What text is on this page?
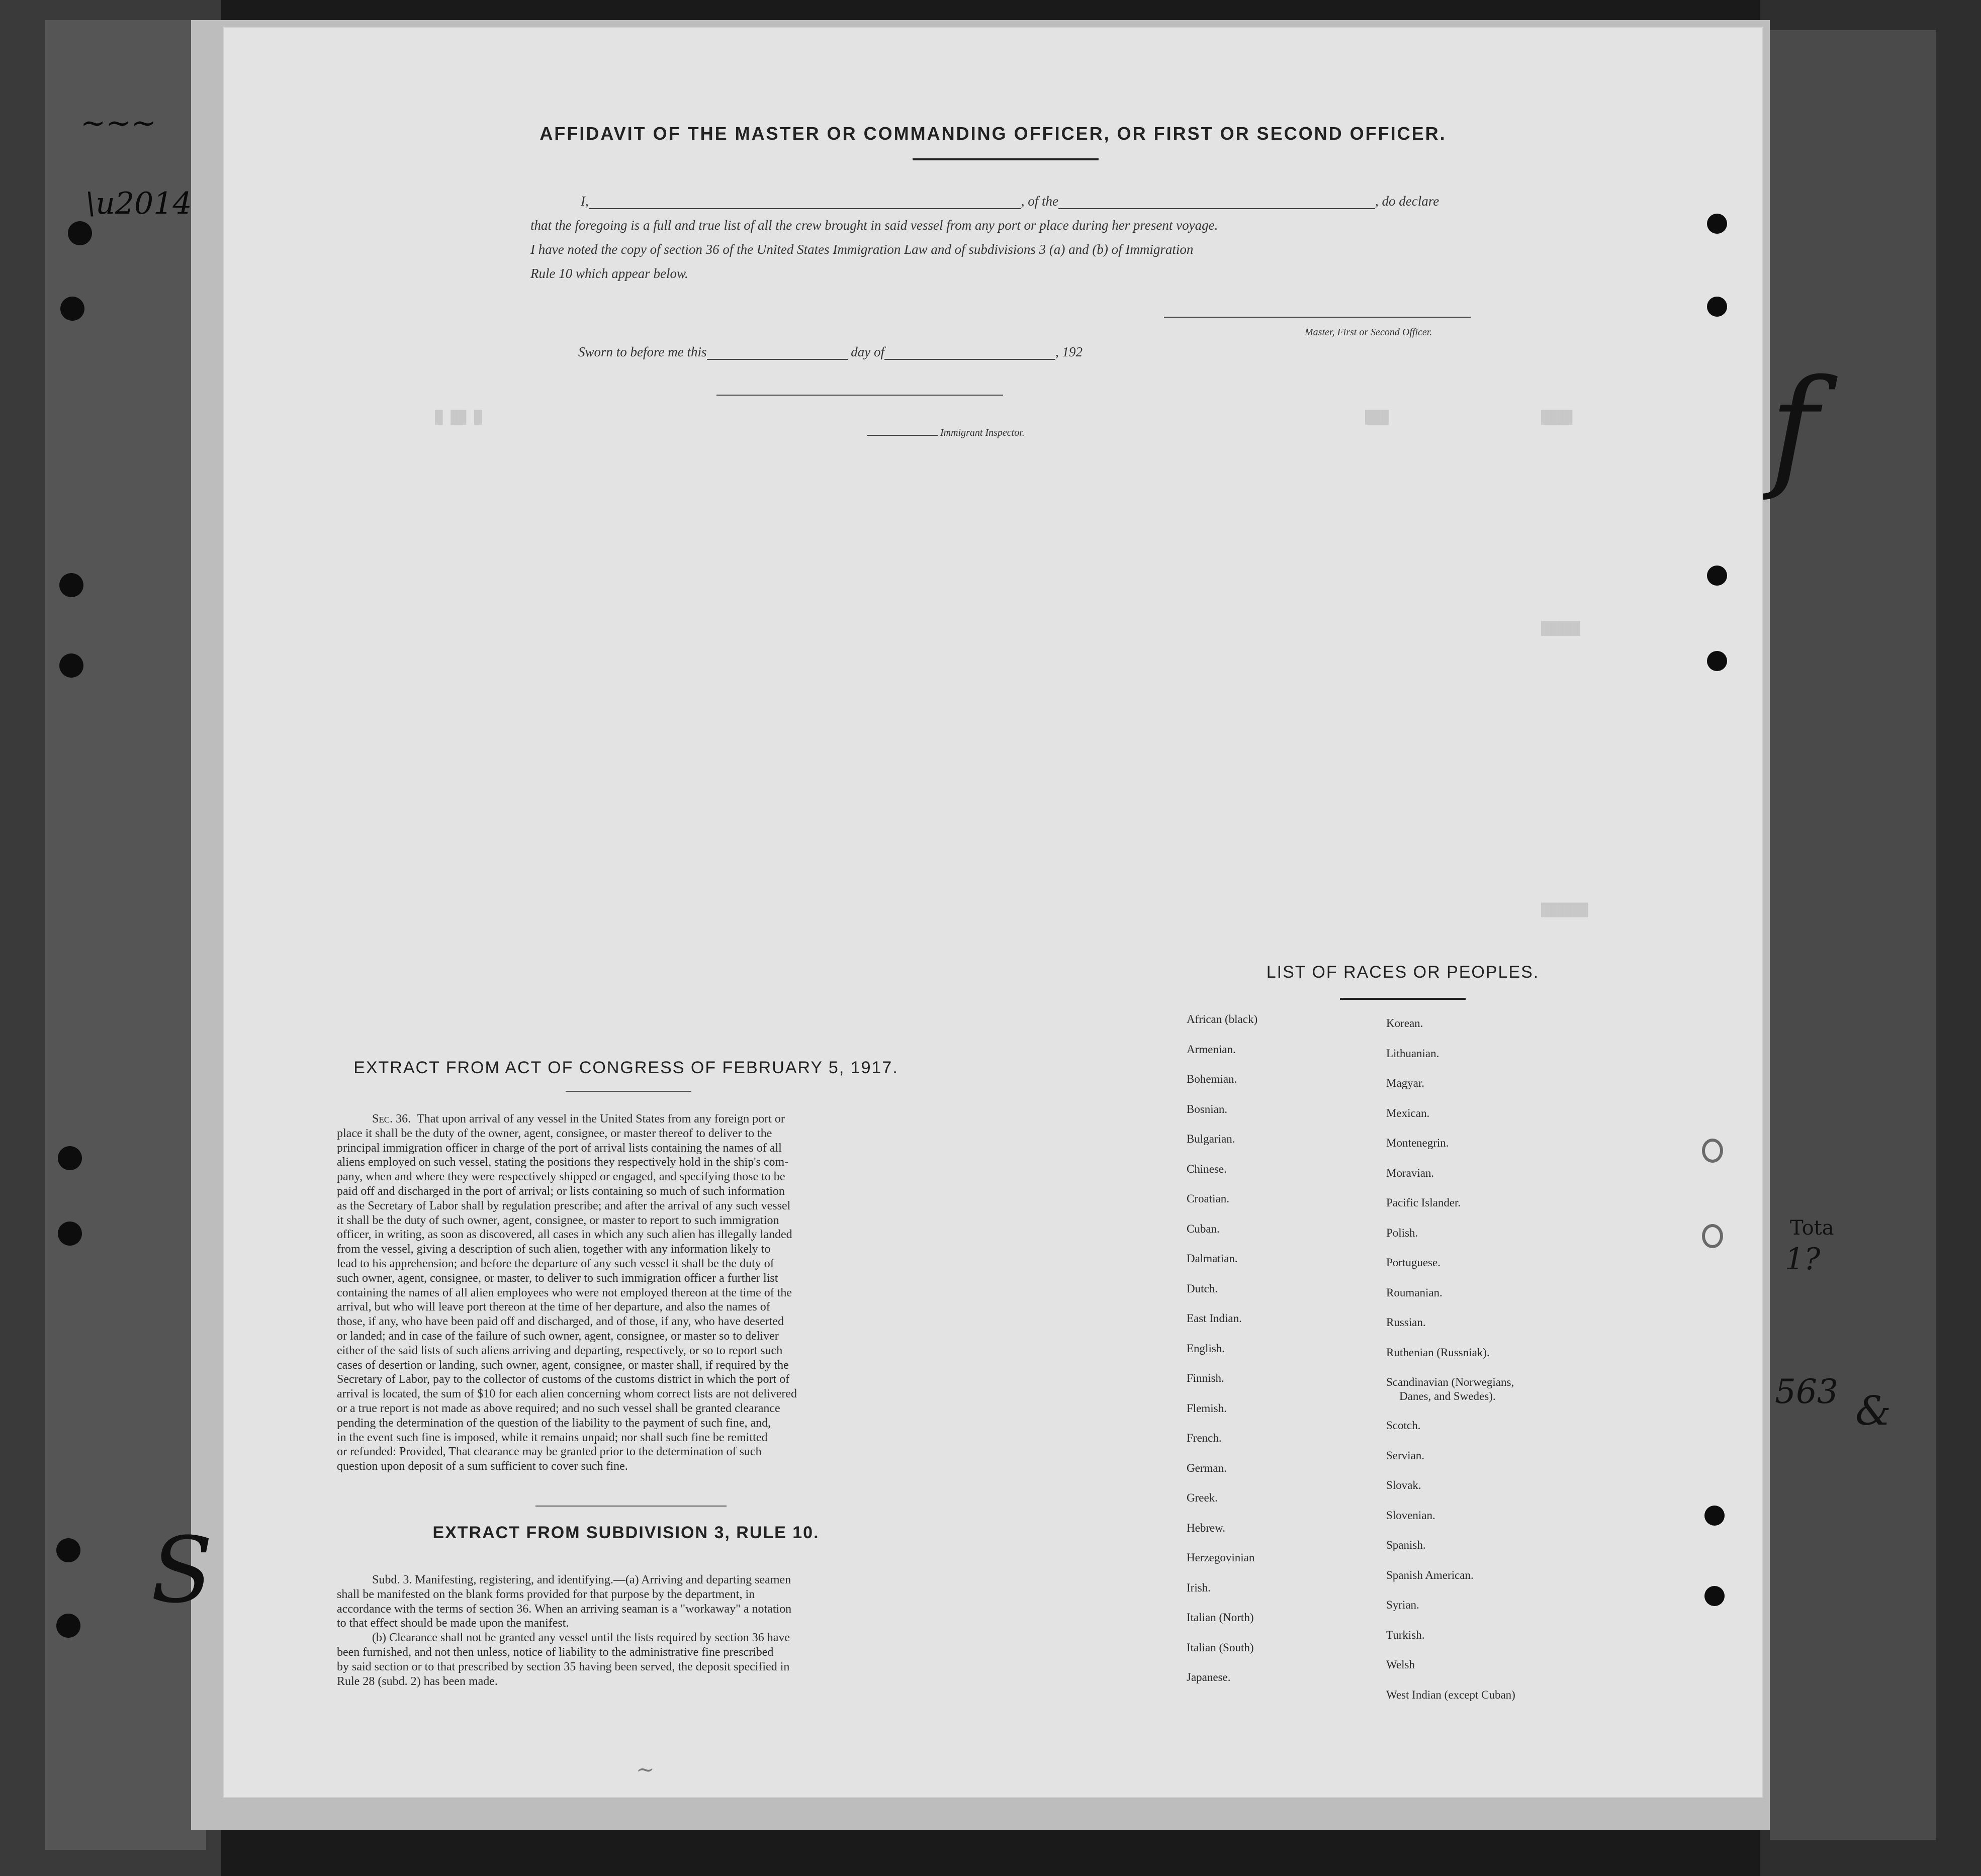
~~~
\u2014
S
f
Tota
1?
563 &
█ ██ █	███	████
█████
██████
AFFIDAVIT OF THE MASTER OR COMMANDING OFFICER, OR FIRST OR SECOND OFFICER.
I,	, of the	, do declare
that the foregoing is a full and true list of all the crew brought in said vessel from any port or place during her present voyage.
I have noted the copy of section 36 of the United States Immigration Law and of subdivisions 3 (a) and (b) of Immigration
Rule 10 which appear below.
Master, First or Second Officer.
Sworn to before me this	day of	, 192
Immigrant Inspector.
EXTRACT FROM ACT OF CONGRESS OF FEBRUARY 5, 1917.
Sec. 36. That upon arrival of any vessel in the United States from any foreign port or
place it shall be the duty of the owner, agent, consignee, or master thereof to deliver to the
principal immigration officer in charge of the port of arrival lists containing the names of all
aliens employed on such vessel, stating the positions they respectively hold in the ship's com-
pany, when and where they were respectively shipped or engaged, and specifying those to be
paid off and discharged in the port of arrival; or lists containing so much of such information
as the Secretary of Labor shall by regulation prescribe; and after the arrival of any such vessel
it shall be the duty of such owner, agent, consignee, or master to report to such immigration
officer, in writing, as soon as discovered, all cases in which any such alien has illegally landed
from the vessel, giving a description of such alien, together with any information likely to
lead to his apprehension; and before the departure of any such vessel it shall be the duty of
such owner, agent, consignee, or master, to deliver to such immigration officer a further list
containing the names of all alien employees who were not employed thereon at the time of the
arrival, but who will leave port thereon at the time of her departure, and also the names of
those, if any, who have been paid off and discharged, and of those, if any, who have deserted
or landed; and in case of the failure of such owner, agent, consignee, or master so to deliver
either of the said lists of such aliens arriving and departing, respectively, or so to report such
cases of desertion or landing, such owner, agent, consignee, or master shall, if required by the
Secretary of Labor, pay to the collector of customs of the customs district in which the port of
arrival is located, the sum of $10 for each alien concerning whom correct lists are not delivered
or a true report is not made as above required; and no such vessel shall be granted clearance
pending the determination of the question of the liability to the payment of such fine, and,
in the event such fine is imposed, while it remains unpaid; nor shall such fine be remitted
or refunded: Provided, That clearance may be granted prior to the determination of such
question upon deposit of a sum sufficient to cover such fine.
EXTRACT FROM SUBDIVISION 3, RULE 10.
Subd. 3. Manifesting, registering, and identifying.—(a) Arriving and departing seamen
shall be manifested on the blank forms provided for that purpose by the department, in
accordance with the terms of section 36. When an arriving seaman is a "workaway" a notation
to that effect should be made upon the manifest.
(b) Clearance shall not be granted any vessel until the lists required by section 36 have
been furnished, and not then unless, notice of liability to the administrative fine prescribed
by said section or to that prescribed by section 35 having been served, the deposit specified in
Rule 28 (subd. 2) has been made.
LIST OF RACES OR PEOPLES.
African (black)
Armenian.
Bohemian.
Bosnian.
Bulgarian.
Chinese.
Croatian.
Cuban.
Dalmatian.
Dutch.
East Indian.
English.
Finnish.
Flemish.
French.
German.
Greek.
Hebrew.
Herzegovinian
Irish.
Italian (North)
Italian (South)
Japanese.
Korean.
Lithuanian.
Magyar.
Mexican.
Montenegrin.
Moravian.
Pacific Islander.
Polish.
Portuguese.
Roumanian.
Russian.
Ruthenian (Russniak).
Scandinavian (Norwegians,
Danes, and Swedes).
Scotch.
Servian.
Slovak.
Slovenian.
Spanish.
Spanish American.
Syrian.
Turkish.
Welsh
West Indian (except Cuban)
~
